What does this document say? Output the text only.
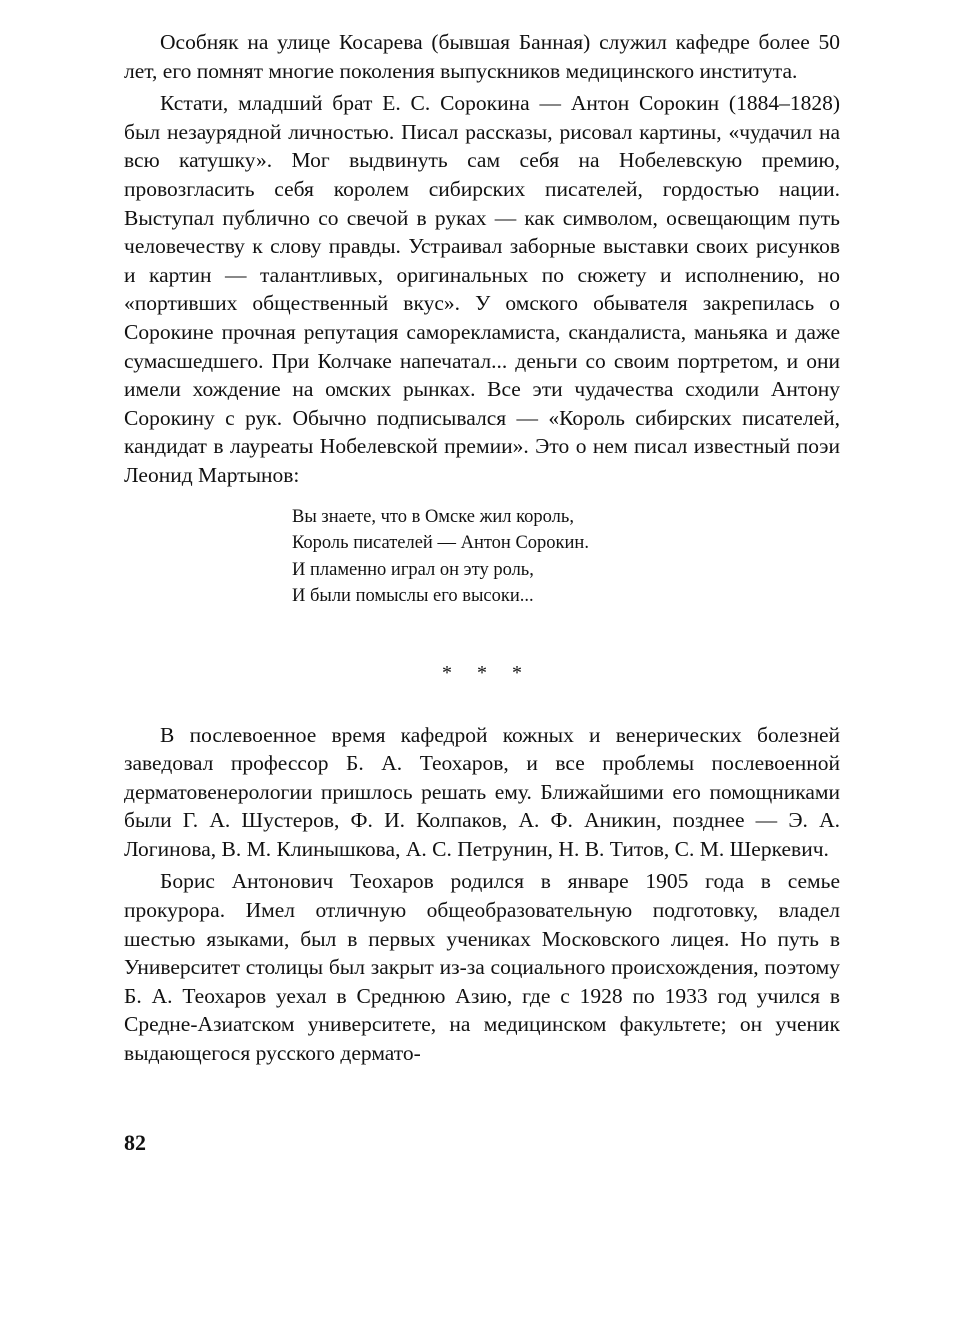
Особняк на улице Косарева (бывшая Банная) служил кафедре более 50 лет, его помнят многие поколения выпускников медицинского института.

Кстати, младший брат Е. С. Сорокина — Антон Сорокин (1884–1828) был незаурядной личностью. Писал рассказы, рисовал картины, «чудачил на всю катушку». Мог выдвинуть сам себя на Нобелевскую премию, провозгласить себя королем сибирских писателей, гордостью нации. Выступал публично со свечой в руках — как символом, освещающим путь человечеству к слову правды. Устраивал заборные выставки своих рисунков и картин — талантливых, оригинальных по сюжету и исполнению, но «портивших общественный вкус». У омского обывателя закрепилась о Сорокине прочная репутация саморекламиста, скандалиста, маньяка и даже сумасшедшего. При Колчаке напечатал... деньги со своим портретом, и они имели хождение на омских рынках. Все эти чудачества сходили Антону Сорокину с рук. Обычно подписывался — «Король сибирских писателей, кандидат в лауреаты Нобелевской премии». Это о нем писал известный поэи Леонид Мартынов:

Вы знаете, что в Омске жил король,
Король писателей — Антон Сорокин.
И пламенно играл он эту роль,
И были помыслы его высоки...
* * *

В послевоенное время кафедрой кожных и венерических болезней заведовал профессор Б. А. Теохаров, и все проблемы послевоенной дерматовенерологии пришлось решать ему. Ближайшими его помощниками были Г. А. Шустеров, Ф. И. Колпаков, А. Ф. Аникин, позднее — Э. А. Логинова, В. М. Клинышкова, А. С. Петрунин, Н. В. Титов, С. М. Шеркевич.

Борис Антонович Теохаров родился в январе 1905 года в семье прокурора. Имел отличную общеобразовательную подготовку, владел шестью языками, был в первых учениках Московского лицея. Но путь в Университет столицы был закрыт из-за социального происхождения, поэтому Б. А. Теохаров уехал в Среднюю Азию, где с 1928 по 1933 год учился в Средне-Азиатском университете, на медицинском факультете; он ученик выдающегося русского дермато-

82
